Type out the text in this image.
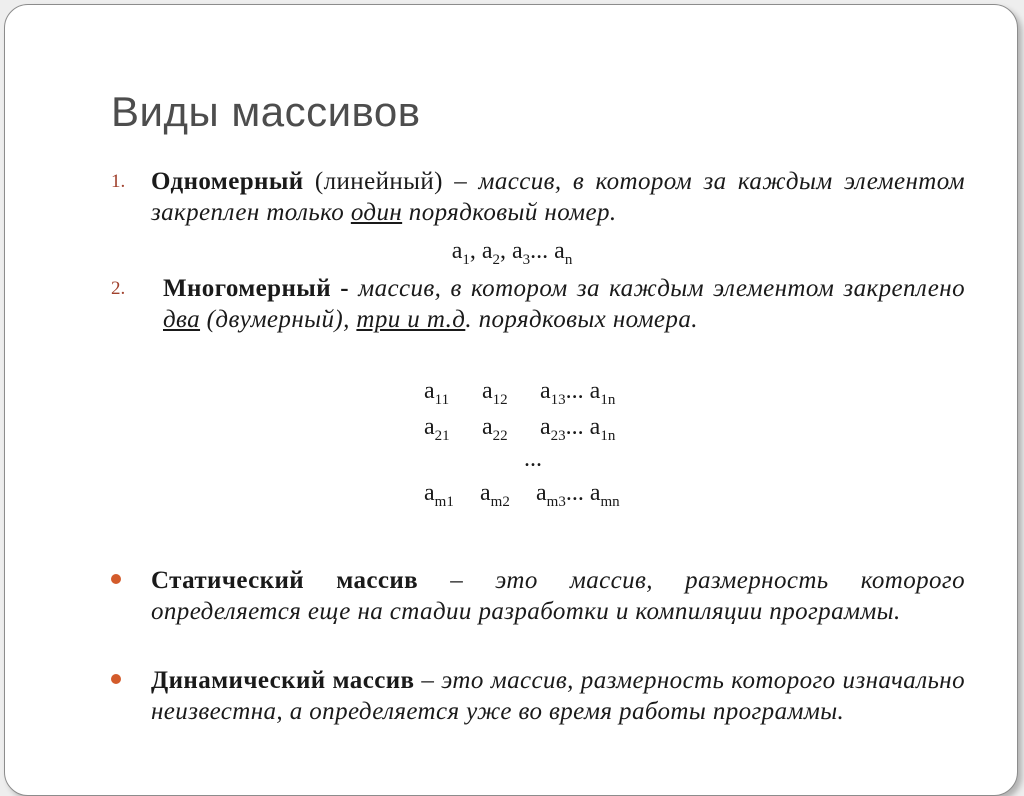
Виды массивов
1. Одномерный (линейный) – массив, в котором за каждым элементом закреплен только один порядковый номер.
$a_1$, $a_2$, $a_3$... $a_n$
2. Многомерный - массив, в котором за каждым элементом закреплено два (двумерный), три и т.д. порядковых номера.
$a_{11}$ $a_{12}$ $a_{13}$... $a_{1n}$
$a_{21}$ $a_{22}$ $a_{23}$... $a_{1n}$
...
$a_{m1}$ $a_{m2}$ $a_{m3}$... $a_{mn}$
Статический массив – это массив, размерность которого определяется еще на стадии разработки и компиляции программы.
Динамический массив – это массив, размерность которого изначально неизвестна, а определяется уже во время работы программы.
